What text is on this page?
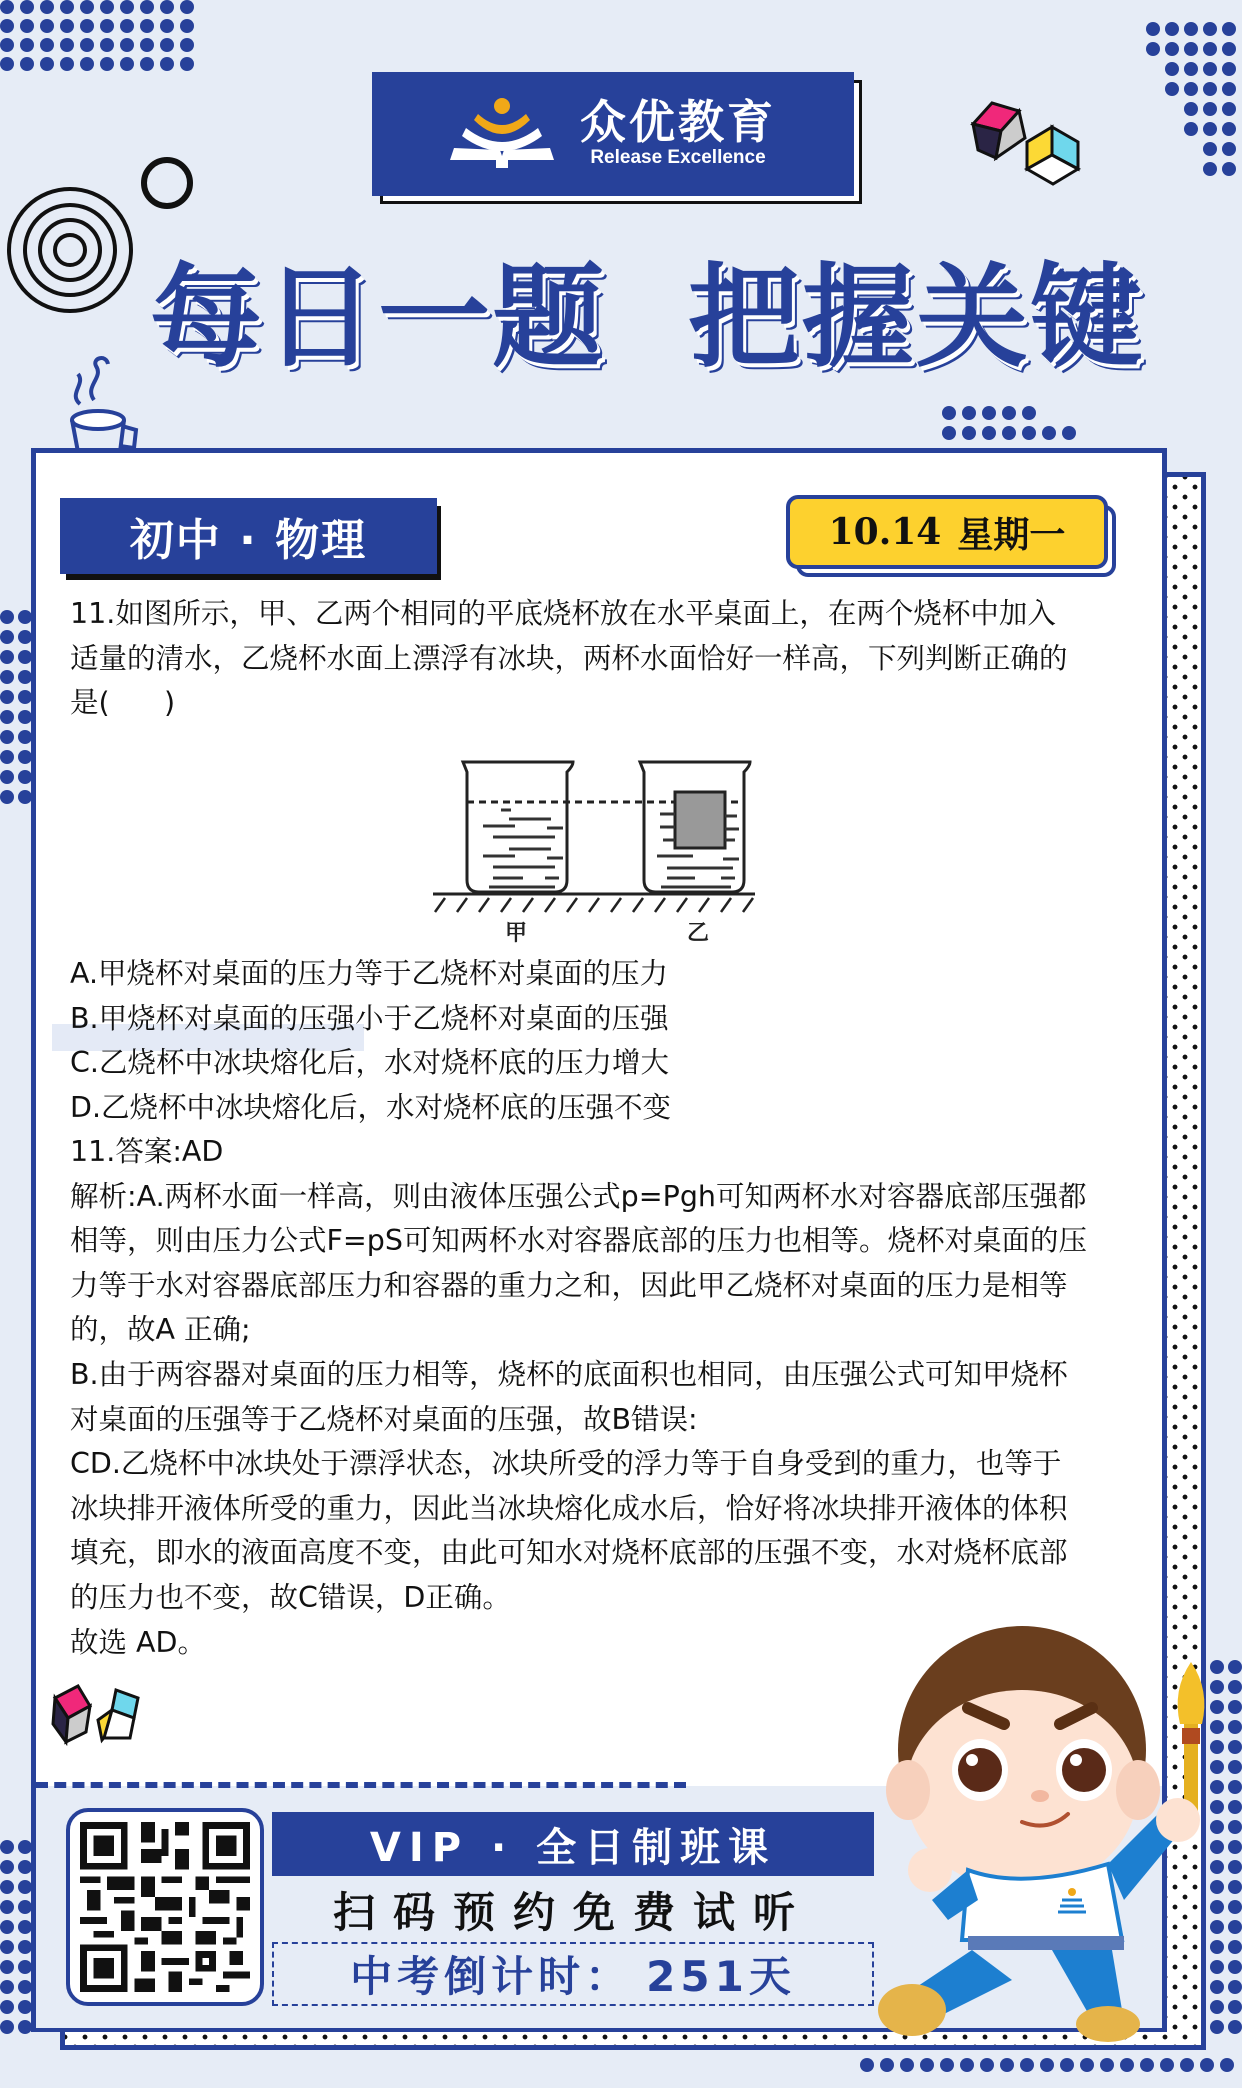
众优教育
Release Excellence
每日一题  把握关键
初中 · 物理	10.14 星期一

11.如图所示，甲、乙两个相同的平底烧杯放在水平桌面上，在两个烧杯中加入

适量的清水，乙烧杯水面上漂浮有冰块，两杯水面恰好一样高，下列判断正确的

是(      )

甲	乙

A.甲烧杯对桌面的压力等于乙烧杯对桌面的压力

B.甲烧杯对桌面的压强小于乙烧杯对桌面的压强

C.乙烧杯中冰块熔化后，水对烧杯底的压力增大

D.乙烧杯中冰块熔化后，水对烧杯底的压强不变

11.答案:AD

解析:A.两杯水面一样高，则由液体压强公式p=Pgh可知两杯水对容器底部压强都

相等，则由压力公式F=pS可知两杯水对容器底部的压力也相等。烧杯对桌面的压

力等于水对容器底部压力和容器的重力之和，因此甲乙烧杯对桌面的压力是相等

的，故A 正确;

B.由于两容器对桌面的压力相等，烧杯的底面积也相同，由压强公式可知甲烧杯

对桌面的压强等于乙烧杯对桌面的压强，故B错误:

CD.乙烧杯中冰块处于漂浮状态，冰块所受的浮力等于自身受到的重力，也等于

冰块排开液体所受的重力，因此当冰块熔化成水后，恰好将冰块排开液体的体积

填充，即水的液面高度不变，由此可知水对烧杯底部的压强不变，水对烧杯底部

的压力也不变，故C错误，D正确。

故选 AD。

VIP · 全日制班课
扫码预约免费试听
中考倒计时： 251天
